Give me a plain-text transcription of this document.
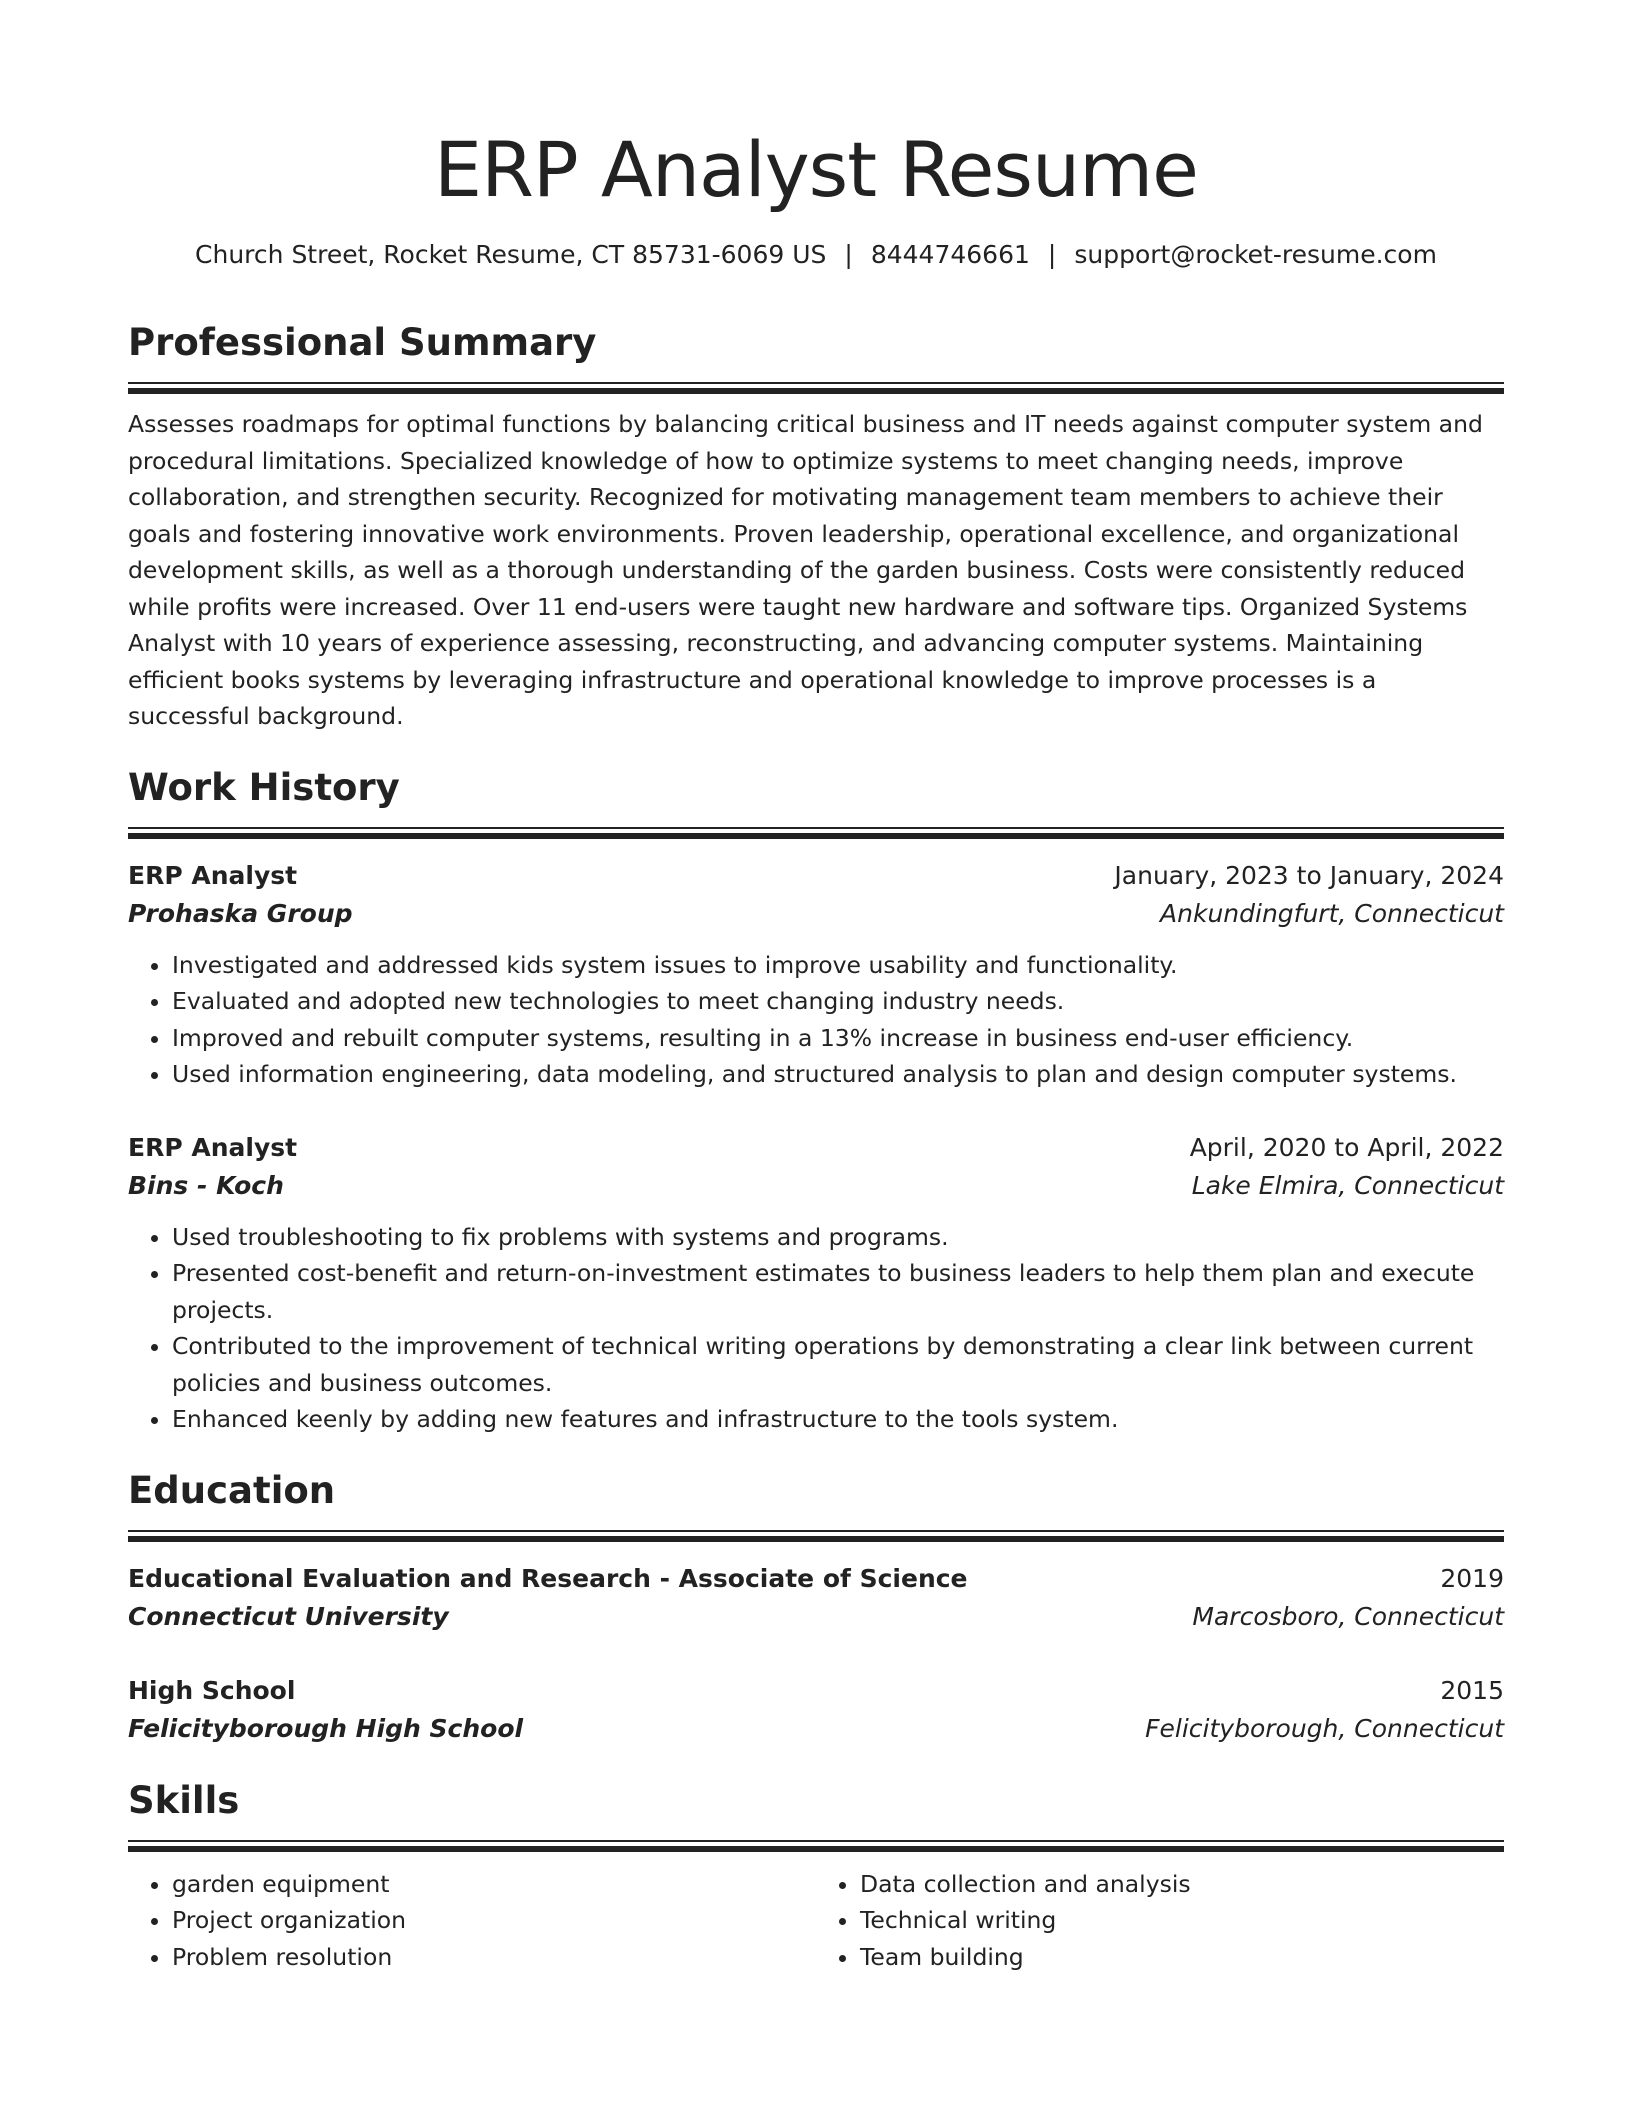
ERP Analyst Resume
Church Street, Rocket Resume, CT 85731-6069 US | 8444746661 | support@rocket-resume.com
Professional Summary

Assesses roadmaps for optimal functions by balancing critical business and IT needs against computer system and procedural limitations. Specialized knowledge of how to optimize systems to meet changing needs, improve collaboration, and strengthen security. Recognized for motivating management team members to achieve their goals and fostering innovative work environments. Proven leadership, operational excellence, and organizational development skills, as well as a thorough understanding of the garden business. Costs were consistently reduced while profits were increased. Over 11 end-users were taught new hardware and software tips. Organized Systems Analyst with 10 years of experience assessing, reconstructing, and advancing computer systems. Maintaining efficient books systems by leveraging infrastructure and operational knowledge to improve processes is a successful background.

Work History
ERP Analyst	January, 2023 to January, 2024
Prohaska Group	Ankundingfurt, Connecticut
• Investigated and addressed kids system issues to improve usability and functionality.
• Evaluated and adopted new technologies to meet changing industry needs.
• Improved and rebuilt computer systems, resulting in a 13% increase in business end-user efficiency.
• Used information engineering, data modeling, and structured analysis to plan and design computer systems.
ERP Analyst	April, 2020 to April, 2022
Bins - Koch	Lake Elmira, Connecticut
• Used troubleshooting to fix problems with systems and programs.
• Presented cost-benefit and return-on-investment estimates to business leaders to help them plan and execute projects.
• Contributed to the improvement of technical writing operations by demonstrating a clear link between current policies and business outcomes.
• Enhanced keenly by adding new features and infrastructure to the tools system.
Education
Educational Evaluation and Research - Associate of Science	2019
Connecticut University	Marcosboro, Connecticut
High School	2015
Felicityborough High School	Felicityborough, Connecticut
Skills
• garden equipment
• Project organization
• Problem resolution
• Data collection and analysis
• Technical writing
• Team building
